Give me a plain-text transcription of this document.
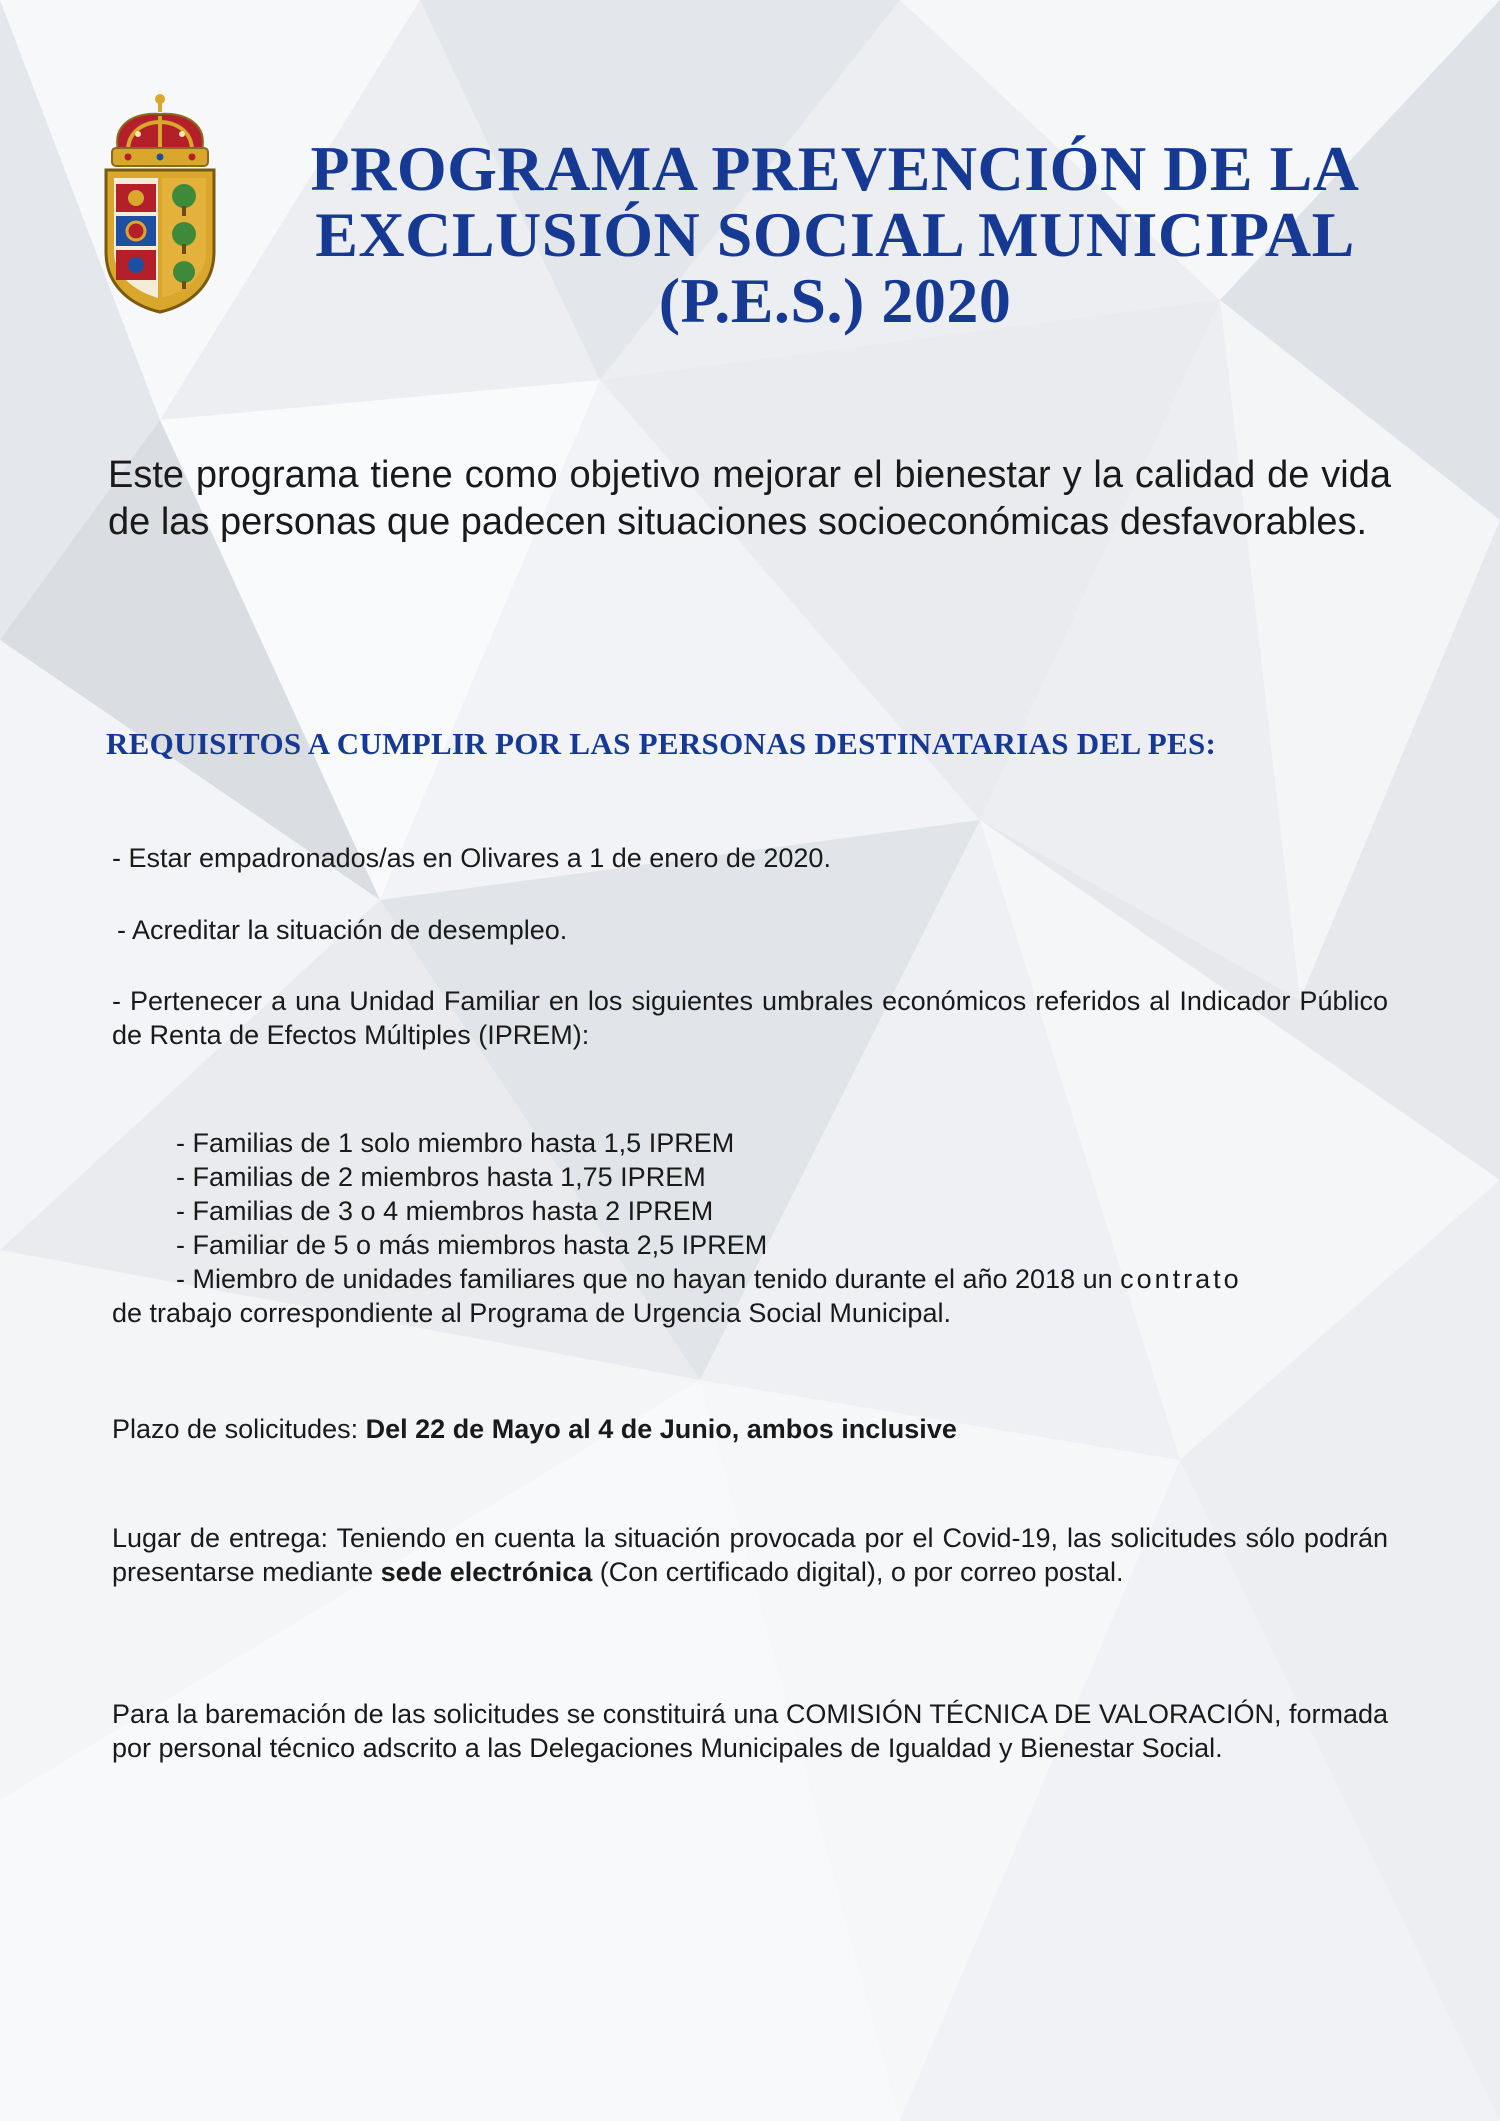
PROGRAMA PREVENCIÓN DE LA
EXCLUSIÓN SOCIAL MUNICIPAL
(P.E.S.) 2020

Este programa tiene como objetivo mejorar el bienestar y la calidad de vida de las personas que padecen situaciones socioeconómicas desfavorables.

REQUISITOS A CUMPLIR POR LAS PERSONAS DESTINATARIAS DEL PES:

- Estar empadronados/as en Olivares a 1 de enero de 2020.

- Acreditar la situación de desempleo.

- Pertenecer a una Unidad Familiar en los siguientes umbrales económicos referidos al Indicador Público de Renta de Efectos Múltiples (IPREM):

- Familias de 1 solo miembro hasta 1,5 IPREM
- Familias de 2 miembros hasta 1,75 IPREM
- Familias de 3 o 4 miembros hasta 2 IPREM
- Familiar de 5 o más miembros hasta 2,5 IPREM
- Miembro de unidades familiares que no hayan tenido durante el año 2018 un contrato
de trabajo correspondiente al Programa de Urgencia Social Municipal.

Plazo de solicitudes: Del 22 de Mayo al 4 de Junio, ambos inclusive

Lugar de entrega: Teniendo en cuenta la situación provocada por el Covid-19, las solicitudes sólo podrán presentarse mediante sede electrónica (Con certificado digital), o por correo postal.

Para la baremación de las solicitudes se constituirá una COMISIÓN TÉCNICA DE VALORACIÓN, formada por personal técnico adscrito a las Delegaciones Municipales de Igualdad y Bienestar Social.
